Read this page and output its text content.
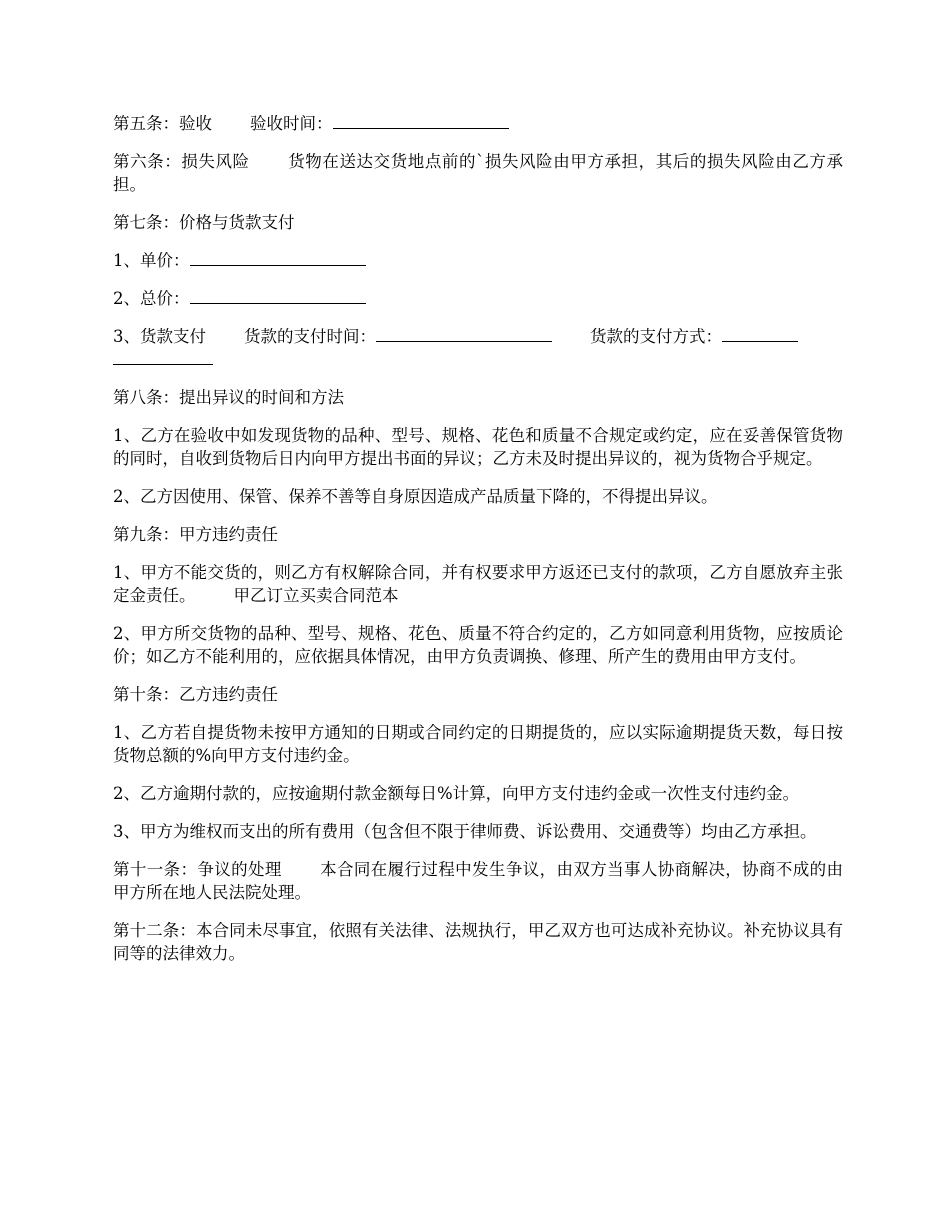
第五条：验收 验收时间：

第六条：损失风险 货物在送达交货地点前的`损失风险由甲方承担，其后的损失风险由乙方承担。

第七条：价格与货款支付

1、单价：

2、总价：

3、货款支付 货款的支付时间：	货款的支付方式：

第八条：提出异议的时间和方法

1、乙方在验收中如发现货物的品种、型号、规格、花色和质量不合规定或约定，应在妥善保管货物的同时，自收到货物后日内向甲方提出书面的异议；乙方未及时提出异议的，视为货物合乎规定。

2、乙方因使用、保管、保养不善等自身原因造成产品质量下降的，不得提出异议。

第九条：甲方违约责任

1、甲方不能交货的，则乙方有权解除合同，并有权要求甲方返还已支付的款项，乙方自愿放弃主张定金责任。 甲乙订立买卖合同范本

2、甲方所交货物的品种、型号、规格、花色、质量不符合约定的，乙方如同意利用货物，应按质论价；如乙方不能利用的，应依据具体情况，由甲方负责调换、修理、所产生的费用由甲方支付。

第十条：乙方违约责任

1、乙方若自提货物未按甲方通知的日期或合同约定的日期提货的，应以实际逾期提货天数，每日按货物总额的%向甲方支付违约金。

2、乙方逾期付款的，应按逾期付款金额每日%计算，向甲方支付违约金或一次性支付违约金。

3、甲方为维权而支出的所有费用（包含但不限于律师费、诉讼费用、交通费等）均由乙方承担。

第十一条：争议的处理 本合同在履行过程中发生争议，由双方当事人协商解决，协商不成的由甲方所在地人民法院处理。

第十二条：本合同未尽事宜，依照有关法律、法规执行，甲乙双方也可达成补充协议。补充协议具有同等的法律效力。
